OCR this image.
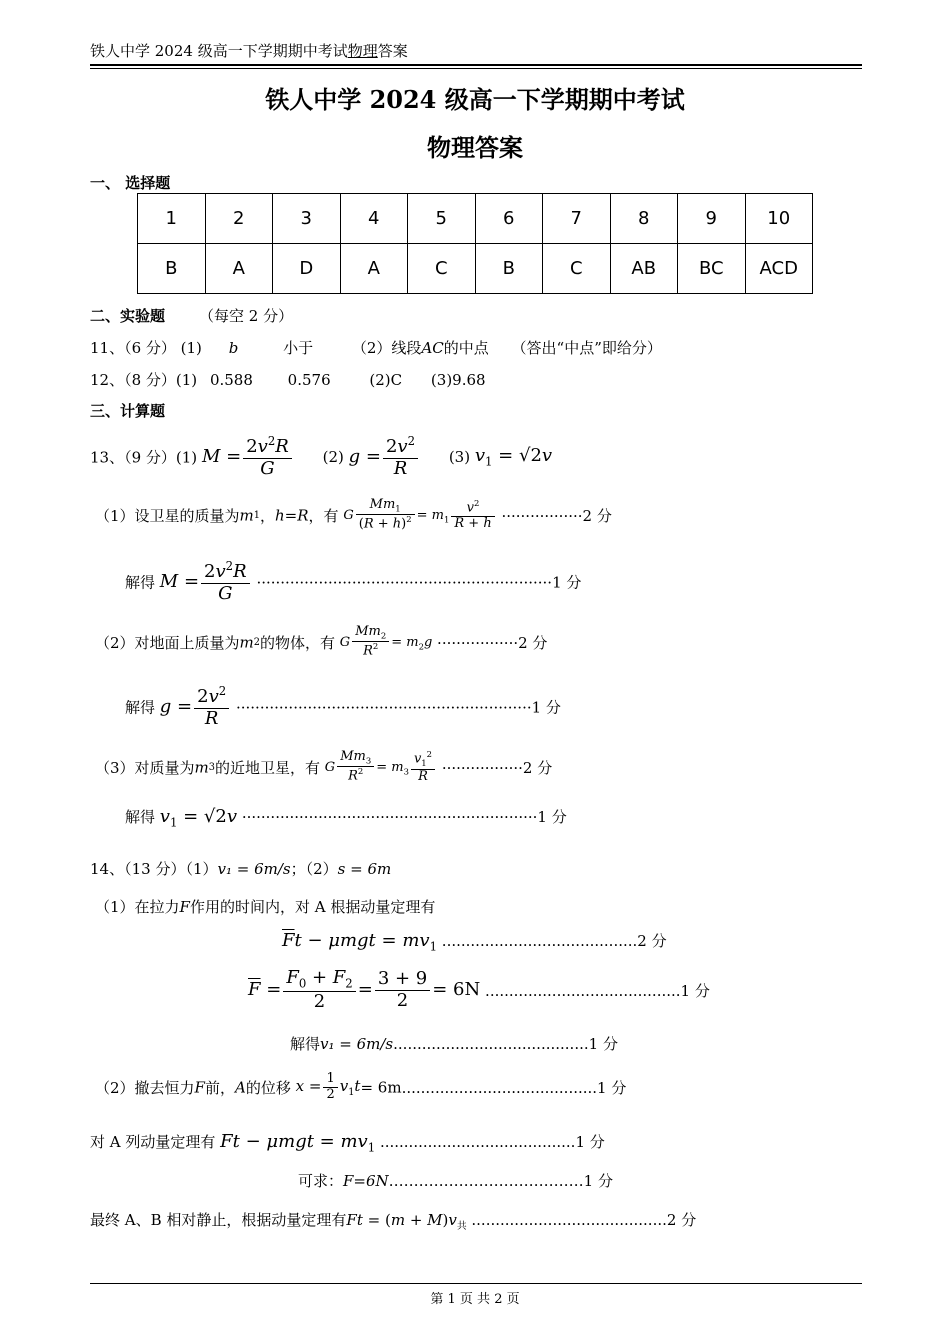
铁人中学 2024 级高一下学期期中考试物理答案
铁人中学 2024 级高一下学期期中考试
物理答案
一、 选择题
1	2	3	4	5	6	7	8	9	10
B	A	D	A	C	B	C	AB	BC	ACD
二、实验题 （每空 2 分）
11、（6 分） (1) b	小于	（2）线段AC的中点 （答出“中点”即给分）
12、（8 分）(1) 0.588 0.576	(2)C (3)9.68
三、计算题
13、（9 分）(1) $M = \frac{2v^2R}{G} (2) g = \frac{2v^2}{R} (3) v_1 = √2v$
（1）设卫星的质量为m1，h=R，有 G $\frac{Mm_1}{(R + h)^2} = m_1 \frac{v^2}{R + h} \cdot\cdot\cdot\cdot\cdot\cdot\cdot\cdot\cdot\cdot\cdot\cdot\cdot\cdot\cdot\cdot\cdot 2$ 分
解得 $M = \frac{2v^2R}{G} \cdot\cdot\cdot\cdot\cdot\cdot\cdot\cdot\cdot\cdot\cdot\cdot\cdot\cdot\cdot\cdot\cdot\cdot\cdot\cdot\cdot\cdot\cdot\cdot\cdot\cdot\cdot\cdot\cdot\cdot\cdot\cdot\cdot\cdot\cdot\cdot\cdot\cdot\cdot\cdot\cdot\cdot\cdot\cdot\cdot\cdot\cdot\cdot\cdot\cdot\cdot\cdot\cdot\cdot\cdot\cdot\cdot\cdot\cdot\cdot\cdot\cdot 1$ 分
（2）对地面上质量为m2的物体，有 G $\frac{Mm_2}{R^2} = m_2g \cdot\cdot\cdot\cdot\cdot\cdot\cdot\cdot\cdot\cdot\cdot\cdot\cdot\cdot\cdot\cdot\cdot 2$ 分
解得 $g = \frac{2v^2}{R} \cdot\cdot\cdot\cdot\cdot\cdot\cdot\cdot\cdot\cdot\cdot\cdot\cdot\cdot\cdot\cdot\cdot\cdot\cdot\cdot\cdot\cdot\cdot\cdot\cdot\cdot\cdot\cdot\cdot\cdot\cdot\cdot\cdot\cdot\cdot\cdot\cdot\cdot\cdot\cdot\cdot\cdot\cdot\cdot\cdot\cdot\cdot\cdot\cdot\cdot\cdot\cdot\cdot\cdot\cdot\cdot\cdot\cdot\cdot\cdot\cdot\cdot 1$ 分
（3）对质量为m3的近地卫星，有 G $\frac{Mm_3}{R^2} = m_3 \frac{v_1^2}{R} \cdot\cdot\cdot\cdot\cdot\cdot\cdot\cdot\cdot\cdot\cdot\cdot\cdot\cdot\cdot\cdot\cdot 2$ 分
解得 $v_1 = √2v \cdot\cdot\cdot\cdot\cdot\cdot\cdot\cdot\cdot\cdot\cdot\cdot\cdot\cdot\cdot\cdot\cdot\cdot\cdot\cdot\cdot\cdot\cdot\cdot\cdot\cdot\cdot\cdot\cdot\cdot\cdot\cdot\cdot\cdot\cdot\cdot\cdot\cdot\cdot\cdot\cdot\cdot\cdot\cdot\cdot\cdot\cdot\cdot\cdot\cdot\cdot\cdot\cdot\cdot\cdot\cdot\cdot\cdot\cdot\cdot\cdot\cdot 1$ 分
14、（13 分）（1）v₁ = 6m/s；（2）s = 6m
（1）在拉力F作用的时间内，对 A 根据动量定理有
$\overline{F}t - \mu mgt = mv_1$ .........................................2 分
$\overline{F} = \frac{F_0 + F_2}{2} = \frac{3 + 9}{2} = 6N$ .........................................1 分
解得v₁ = 6m/s.........................................1 分
（2）撤去恒力F前，A的位移 $x = \frac{1}{2} v_1t= 6m.........................................1$ 分
对 A 列动量定理有 $Ft - \mu mgt = mv_1$ .........................................1 分
可求：F=6N…………………………………1 分
最终 A、B 相对静止，根据动量定理有$Ft = (m + M)v_共$ .........................................2 分
第 1 页 共 2 页
